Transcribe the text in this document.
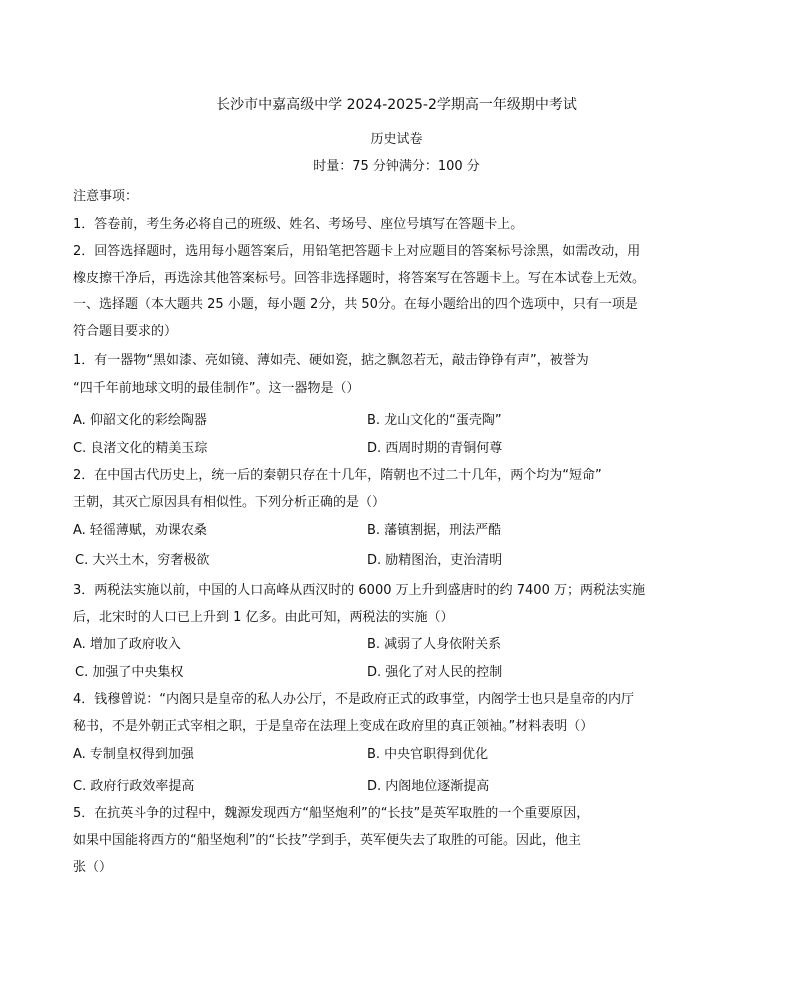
长沙市中嘉高级中学 2024-2025-2学期高一年级期中考试
历史试卷
时量：75 分钟满分：100 分
注意事项：
1．答卷前，考生务必将自己的班级、姓名、考场号、座位号填写在答题卡上。
2．回答选择题时，选用每小题答案后，用铅笔把答题卡上对应题目的答案标号涂黑，如需改动，用
橡皮擦干净后，再选涂其他答案标号。回答非选择题时，将答案写在答题卡上。写在本试卷上无效。
一、选择题（本大题共 25 小题，每小题 2分，共 50分。在每小题给出的四个选项中，只有一项是
符合题目要求的）
1．有一器物“黑如漆、亮如镜、薄如壳、硬如瓷，掂之飘忽若无，敲击铮铮有声”，被誉为
“四千年前地球文明的最佳制作”。这一器物是（）
A. 仰韶文化的彩绘陶器	B. 龙山文化的“蛋壳陶”
C. 良渚文化的精美玉琮	D. 西周时期的青铜何尊
2．在中国古代历史上，统一后的秦朝只存在十几年，隋朝也不过二十几年，两个均为“短命”
王朝，其灭亡原因具有相似性。下列分析正确的是（）
A. 轻徭薄赋，劝课农桑	B. 藩镇割据，刑法严酷
C. 大兴土木，穷奢极欲	D. 励精图治，吏治清明
3．两税法实施以前，中国的人口高峰从西汉时的 6000 万上升到盛唐时的约 7400 万；两税法实施
后，北宋时的人口已上升到 1 亿多。由此可知，两税法的实施（）
A. 增加了政府收入	B. 减弱了人身依附关系
C. 加强了中央集权	D. 强化了对人民的控制
4．钱穆曾说：“内阁只是皇帝的私人办公厅，不是政府正式的政事堂，内阁学士也只是皇帝的内厅
秘书，不是外朝正式宰相之职，于是皇帝在法理上变成在政府里的真正领袖。”材料表明（）
A. 专制皇权得到加强	B. 中央官职得到优化
C. 政府行政效率提高	D. 内阁地位逐渐提高
5．在抗英斗争的过程中，魏源发现西方“船坚炮利”的“长技”是英军取胜的一个重要原因，
如果中国能将西方的“船坚炮利”的“长技”学到手，英军便失去了取胜的可能。因此，他主
张（）
